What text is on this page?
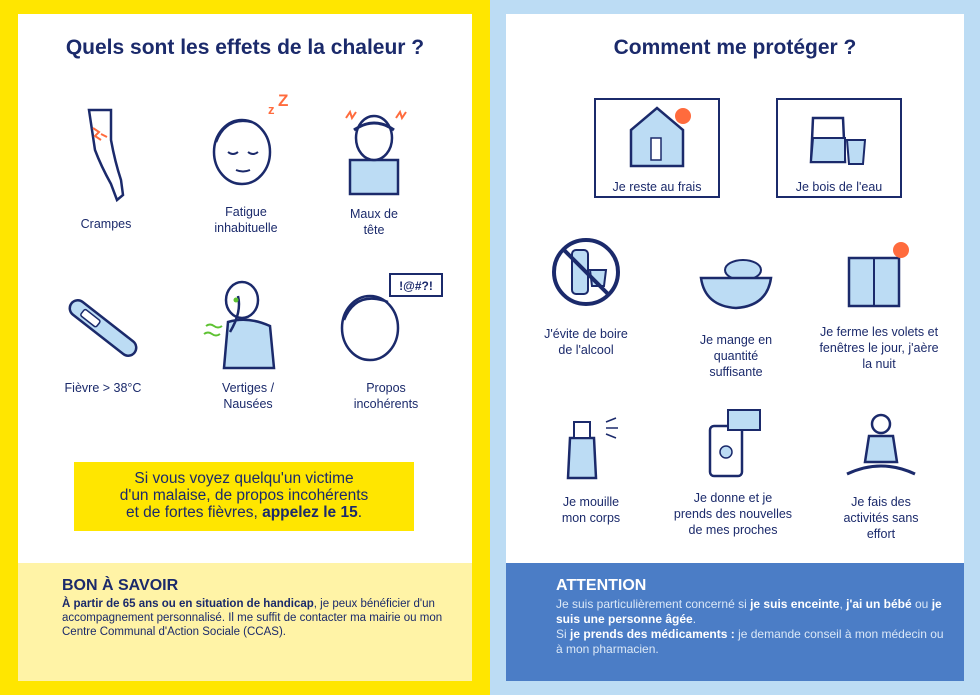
Quels sont les effets de la chaleur ?
Crampes
z Z
Fatigue inhabituelle
Maux de tête
Fièvre > 38°C	Vertiges / Nausées
!@#?!
Propos incohérents
Si vous voyez quelqu'un victime
d'un malaise, de propos incohérents
et de fortes fièvres, appelez le 15.
BON À SAVOIR
À partir de 65 ans ou en situation de handicap, je peux bénéficier d'un accompagnement personnalisé. Il me suffit de contacter ma mairie ou mon Centre Communal d'Action Sociale (CCAS).
Comment me protéger ?
Je reste au frais	Je bois de l'eau
J'évite de boire de l'alcool
Je mange en quantité suffisante
Je ferme les volets et fenêtres le jour, j'aère la nuit
Je mouille mon corps
Je donne et je prends des nouvelles de mes proches
Je fais des activités sans effort
ATTENTION
Je suis particulièrement concerné si je suis enceinte, j'ai un bébé ou je suis une personne âgée.
Si je prends des médicaments : je demande conseil à mon médecin ou à mon pharmacien.
